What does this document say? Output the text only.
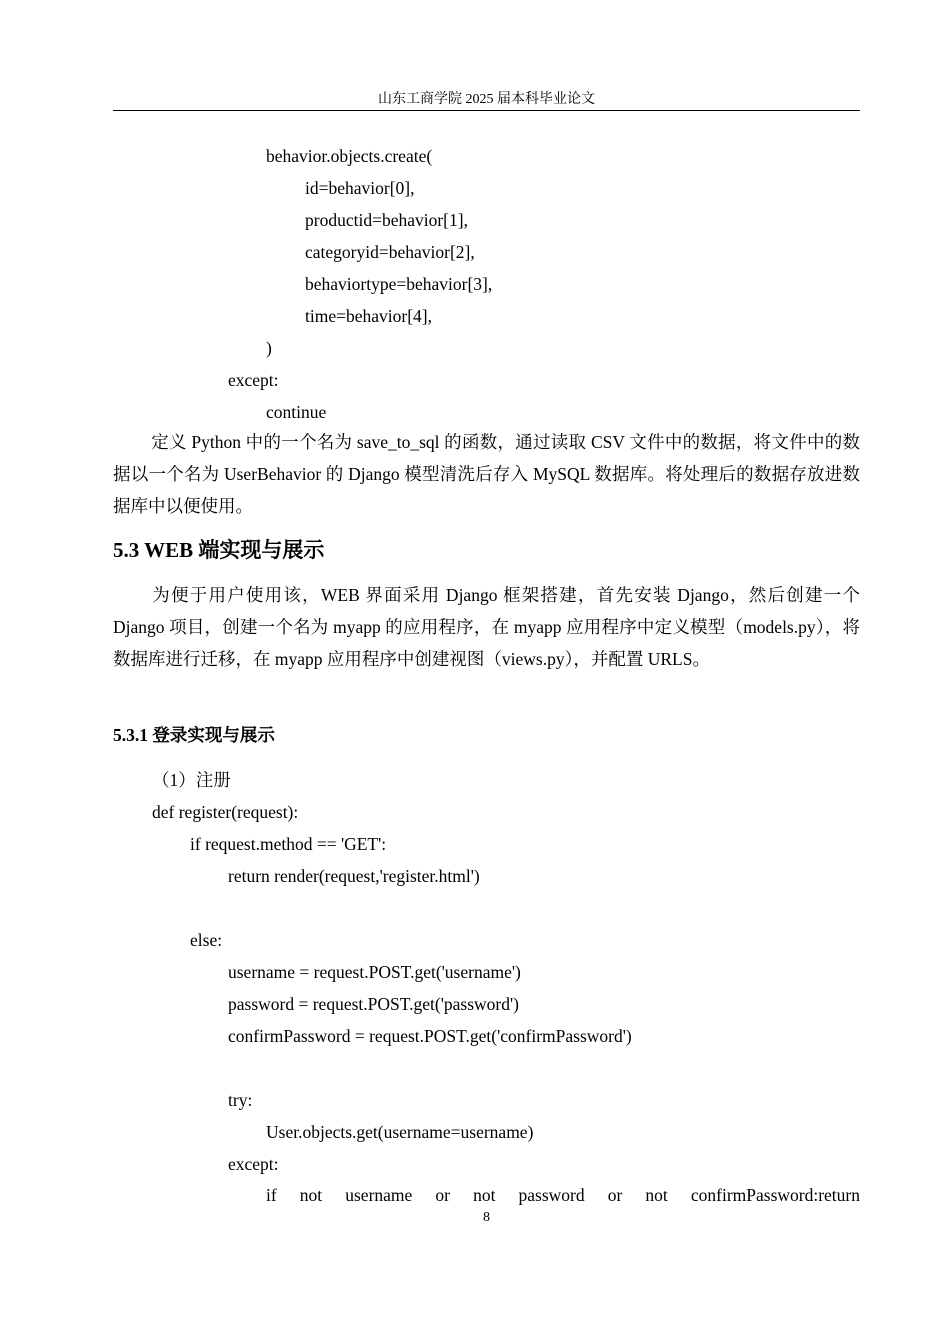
山东工商学院 2025 届本科毕业论文
behavior.objects.create(
id=behavior[0],
productid=behavior[1],
categoryid=behavior[2],
behaviortype=behavior[3],
time=behavior[4],
)
except:
continue
定义 Python 中的一个名为 save_to_sql 的函数，通过读取 CSV 文件中的数据，将文件中的数据以一个名为 UserBehavior 的 Django 模型清洗后存入 MySQL 数据库。将处理后的数据存放进数据库中以便使用。
5.3 WEB 端实现与展示
为便于用户使用该，WEB 界面采用 Django 框架搭建，首先安装 Django，然后创建一个 Django 项目，创建一个名为 myapp 的应用程序，在 myapp 应用程序中定义模型（models.py），将数据库进行迁移，在 myapp 应用程序中创建视图（views.py），并配置 URLS。
5.3.1 登录实现与展示
（1）注册
def register(request):
if request.method == 'GET':
return render(request,'register.html')
else:
username = request.POST.get('username')
password = request.POST.get('password')
confirmPassword = request.POST.get('confirmPassword')
try:
User.objects.get(username=username)
except:
if not username or not password or not confirmPassword:return
8
